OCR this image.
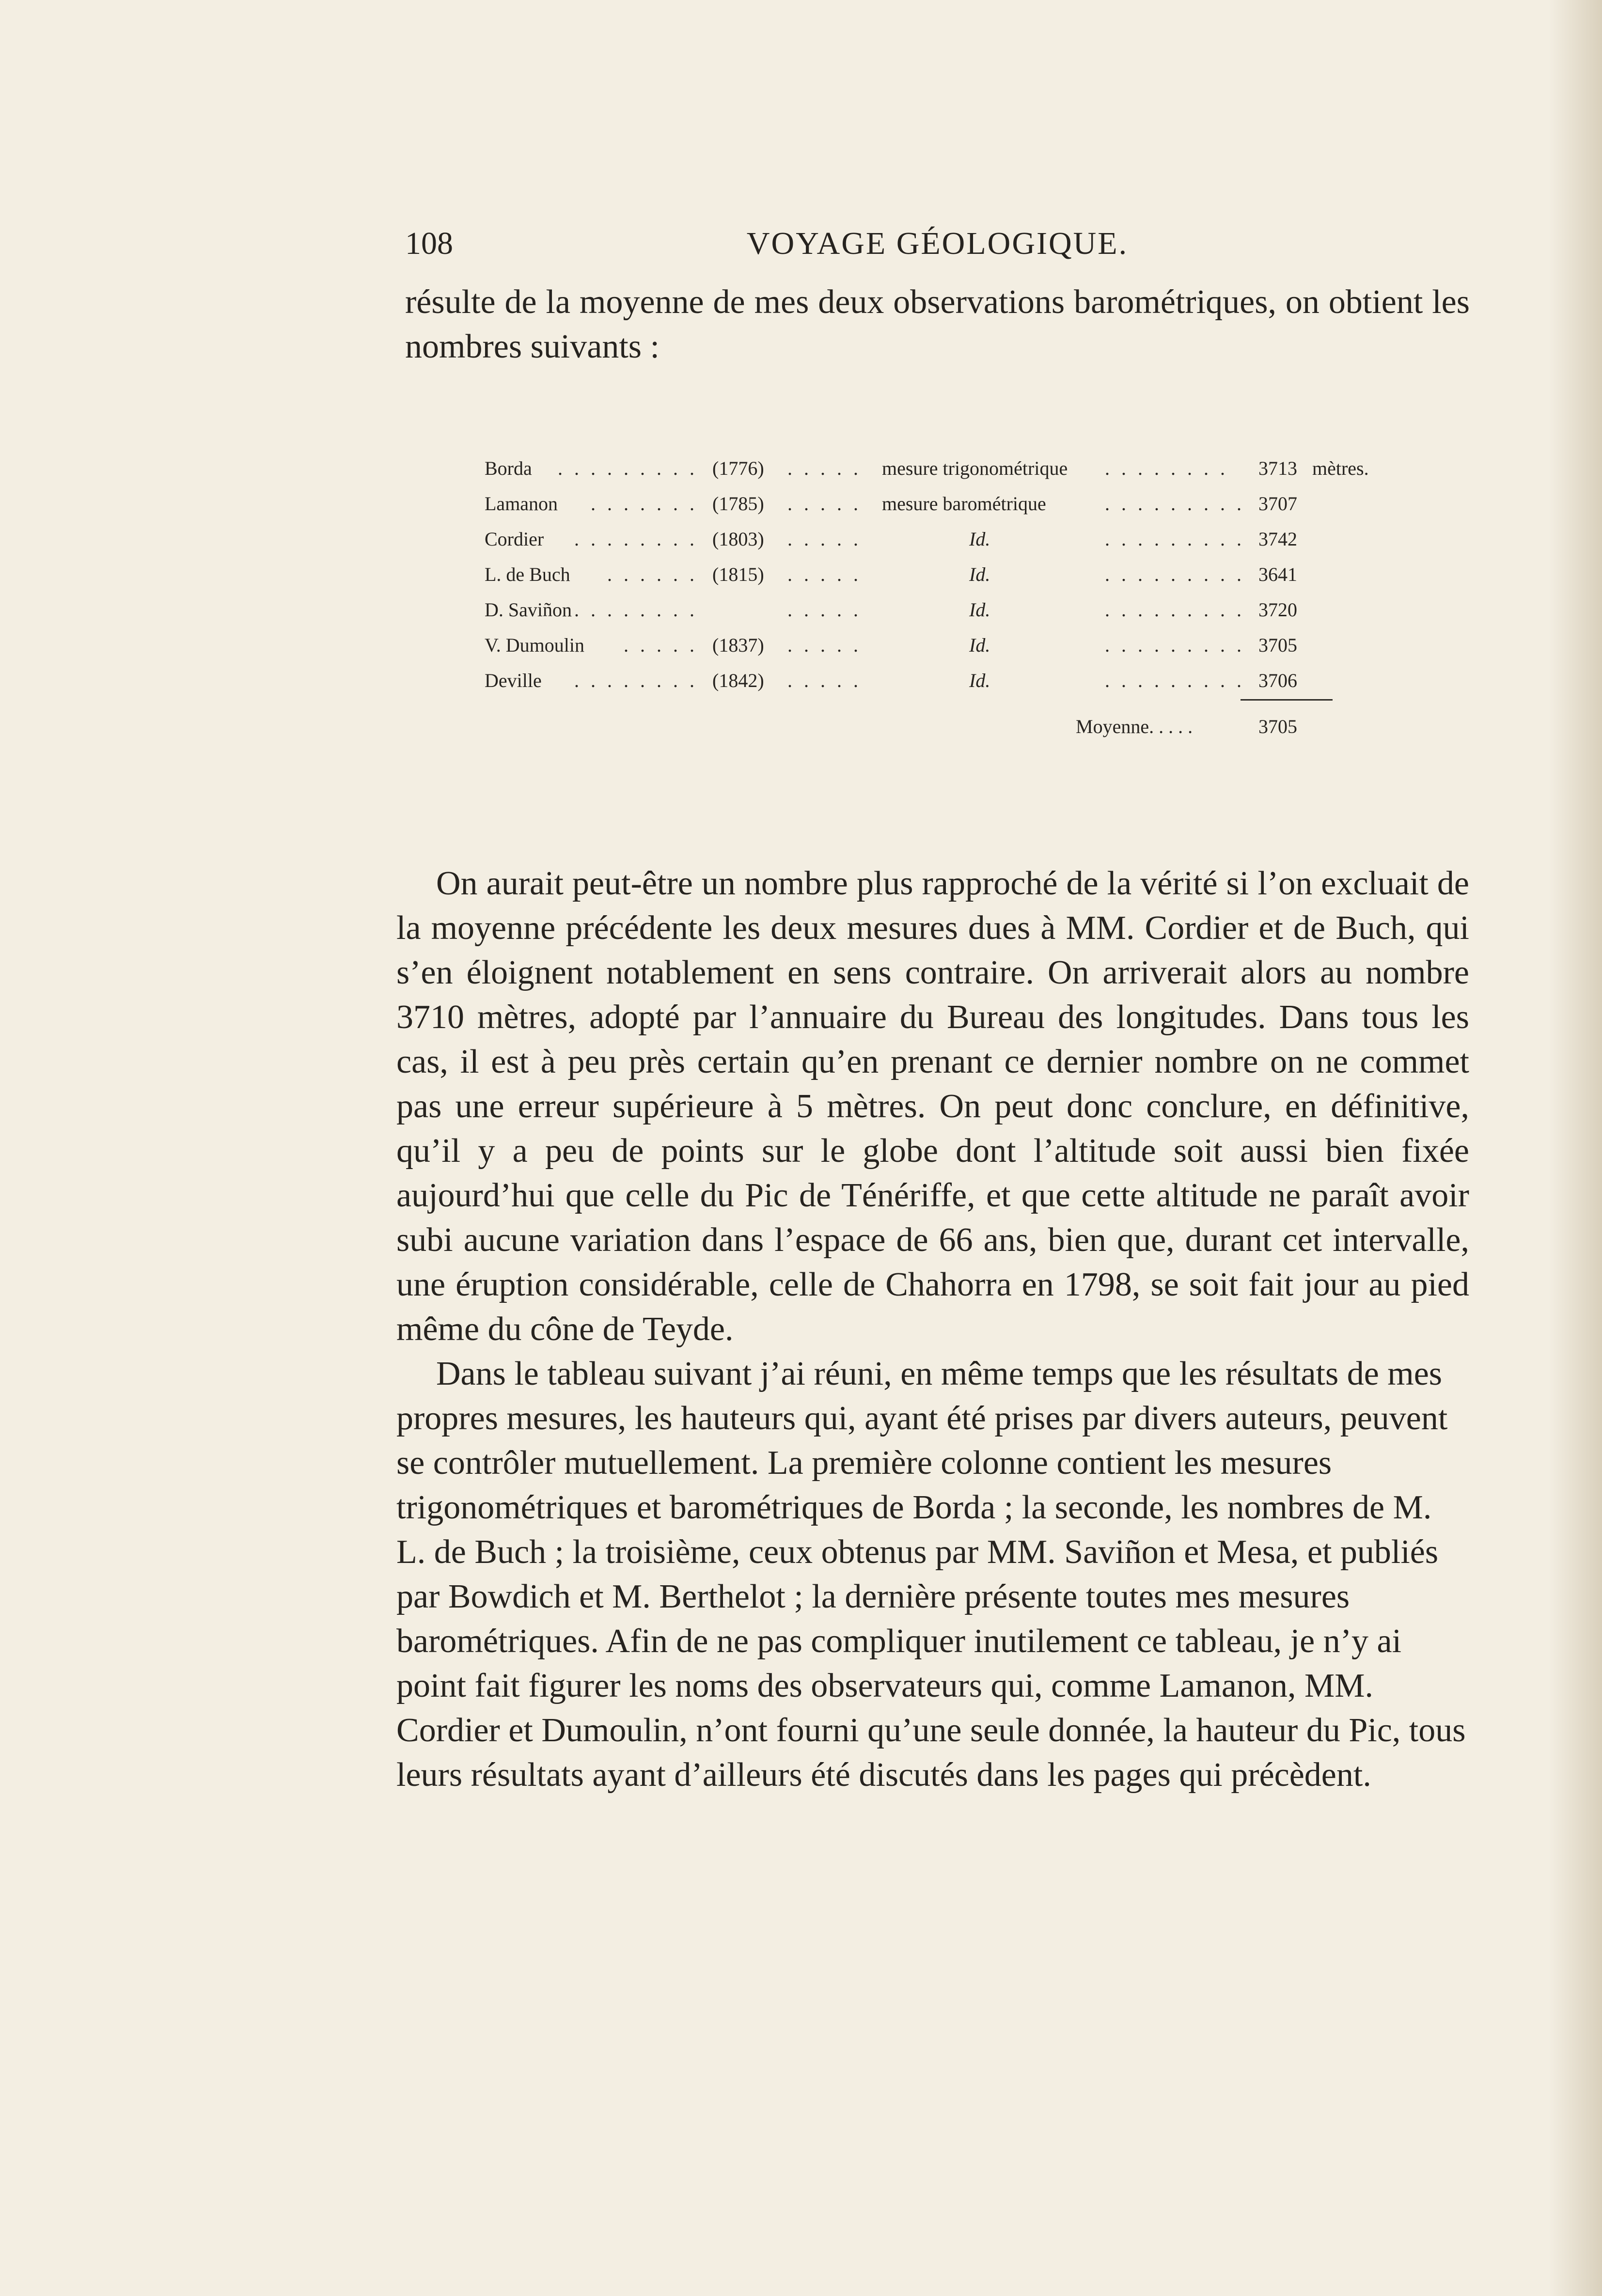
108	VOYAGE GÉOLOGIQUE.

résulte de la moyenne de mes deux observations barométriques, on obtient les nombres suivants :

Borda	. . . . . . . . . (1776) . . . . . mesure trigonométrique . . . . . . . . 3713 mètres.
Lamanon	. . . . . . . (1785) . . . . . mesure barométrique	. . . . . . . . . 3707
Cordier	. . . . . . . . (1803) . . . . .	Id.	. . . . . . . . . 3742
L. de Buch	. . . . . . (1815) . . . . .	Id.	. . . . . . . . . 3641
D. Saviñon . . . . . . . .	. . . . .	Id.	. . . . . . . . . 3720
V. Dumoulin	. . . . . (1837) . . . . .	Id.	. . . . . . . . . 3705
Deville	. . . . . . . . (1842) . . . . .	Id.	. . . . . . . . . 3706
Moyenne. . . . .	3705

On aurait peut-être un nombre plus rapproché de la vérité si l’on excluait de la moyenne précédente les deux mesures dues à MM. Cordier et de Buch, qui s’en éloignent notablement en sens contraire. On arriverait alors au nombre 3710 mètres, adopté par l’annuaire du Bureau des longitudes. Dans tous les cas, il est à peu près certain qu’en prenant ce dernier nombre on ne commet pas une erreur supérieure à 5 mètres. On peut donc conclure, en définitive, qu’il y a peu de points sur le globe dont l’altitude soit aussi bien fixée aujourd’hui que celle du Pic de Ténériffe, et que cette altitude ne paraît avoir subi aucune variation dans l’espace de 66 ans, bien que, durant cet intervalle, une éruption considérable, celle de Chahorra en 1798, se soit fait jour au pied même du cône de Teyde.

Dans le tableau suivant j’ai réuni, en même temps que les résultats de mes propres mesures, les hauteurs qui, ayant été prises par divers auteurs, peuvent se contrôler mutuellement. La première colonne contient les mesures trigonométriques et barométriques de Borda ; la seconde, les nombres de M. L. de Buch ; la troisième, ceux obtenus par MM. Saviñon et Mesa, et publiés par Bowdich et M. Berthelot ; la dernière présente toutes mes mesures barométriques. Afin de ne pas compliquer inutilement ce tableau, je n’y ai point fait figurer les noms des observateurs qui, comme Lamanon, MM. Cordier et Dumoulin, n’ont fourni qu’une seule donnée, la hauteur du Pic, tous leurs résultats ayant d’ailleurs été discutés dans les pages qui précèdent.
